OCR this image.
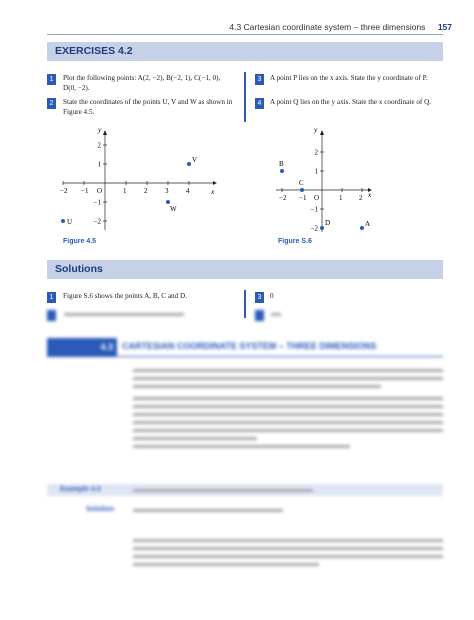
4.3 Cartesian coordinate system – three dimensions 157
EXERCISES 4.2
1	Plot the following points: A(2, −2), B(−2, 1), C(−1, 0), D(0, −2).
2	State the coordinates of the points U, V and W as shown in Figure 4.5.
3	A point P lies on the x axis. State the y coordinate of P.
4	A point Q lies on the y axis. State the x coordinate of Q.
x
y
−2 −1 O	1	2	3	4
2
1
−1
−2
V
W
U
Figure 4.5
x
y
−2 −1 O	1 2
2
1
−1
−2
A
B
C
D
Figure S.6
Solutions
1	Figure S.6 shows the points A, B, C and D.	3	0
4.3	CARTESIAN COORDINATE SYSTEM – THREE DIMENSIONS
Example 4.3
Solution
